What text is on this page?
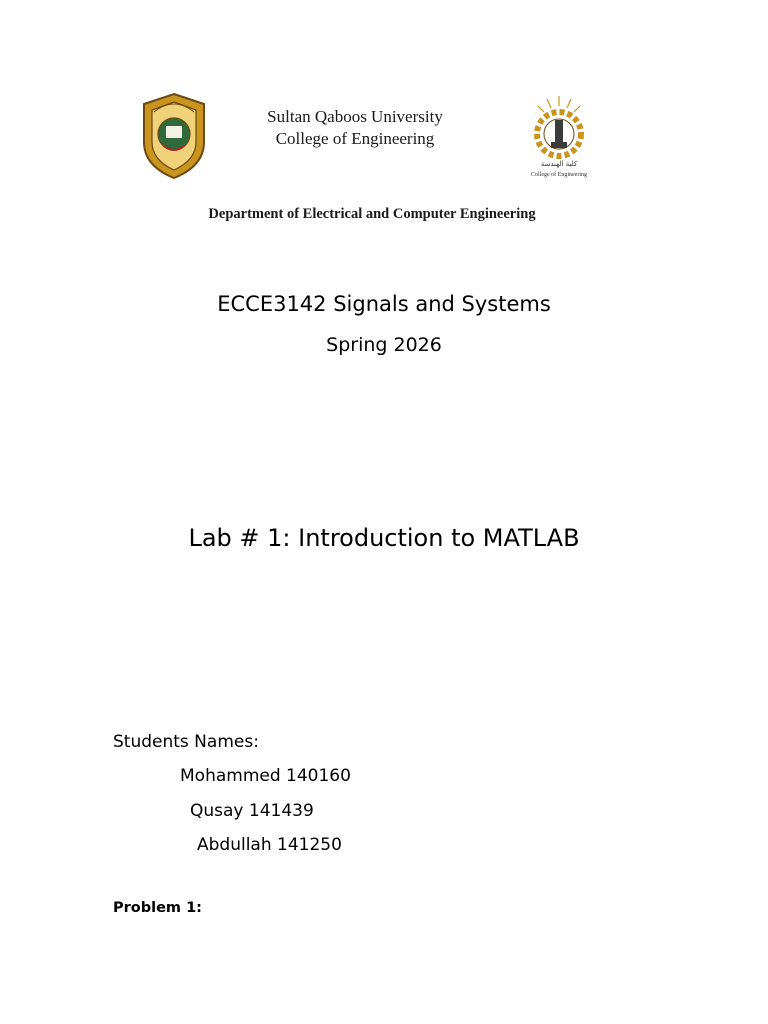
Sultan Qaboos University
College of Engineering
كلية الهندسة
College of Engineering
Department of Electrical and Computer Engineering
ECCE3142 Signals and Systems
Spring 2026
Lab # 1: Introduction to MATLAB
Students Names:
Mohammed 140160
Qusay 141439
Abdullah 141250
Problem 1:
